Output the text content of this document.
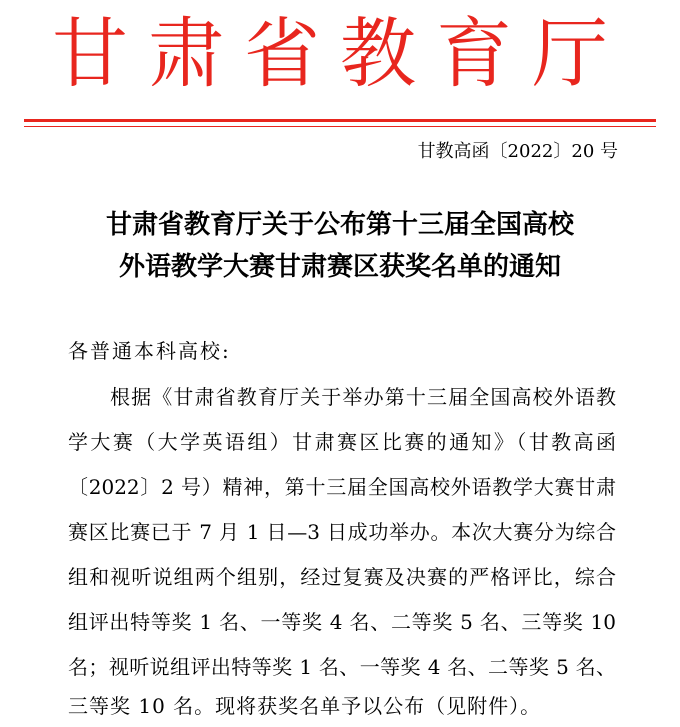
甘肃省教育厅
甘教高函〔2022〕20 号
甘肃省教育厅关于公布第十三届全国高校
外语教学大赛甘肃赛区获奖名单的通知
各普通本科高校:
根据《甘肃省教育厅关于举办第十三届全国高校外语教
学大赛（大学英语组）甘肃赛区比赛的通知》（甘教高函
〔2022〕2 号）精神，第十三届全国高校外语教学大赛甘肃
赛区比赛已于 7 月 1 日—3 日成功举办。本次大赛分为综合
组和视听说组两个组别，经过复赛及决赛的严格评比，综合
组评出特等奖 1 名、一等奖 4 名、二等奖 5 名、三等奖 10
名；视听说组评出特等奖 1 名、一等奖 4 名、二等奖 5 名、
三等奖 10 名。现将获奖名单予以公布（见附件）。
